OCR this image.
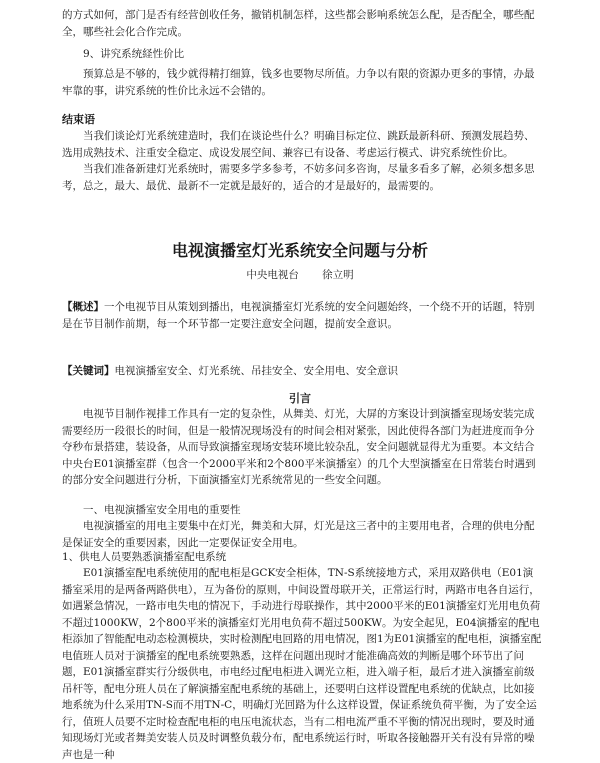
的方式如何，部门是否有经营创收任务，撤销机制怎样，这些都会影响系统怎么配，是否配全，哪些配全，哪些社会化合作完成。

9、讲究系统経性价比

预算总是不够的，钱少就得精打细算，钱多也要物尽所值。力争以有限的资源办更多的事情，办最牢靠的事，讲究系统的性价比永远不会错的。

结束语

当我们谈论灯光系统建造时，我们在谈论些什么？明确目标定位、跳跃最新科研、预测发展趋势、选用成熟技术、注重安全稳定、成设发展空间、兼容已有设备、考虑运行模式、讲究系统性价比。

当我们准备新建灯光系统时，需要多学多参考，不妨多问多咨询，尽量多看多了解，必须多想多思考，总之，最大、最优、最新不一定就是最好的，适合的才是最好的，最需要的。

电视演播室灯光系统安全问题与分析
中央电视台 徐立明

【概述】一个电视节目从策划到播出，电视演播室灯光系统的安全问题始终，一个绕不开的话题，特别是在节目制作前期，每一个环节都一定要注意安全问题，提前安全意识。

【关键词】电视演播室安全、灯光系统、吊挂安全、安全用电、安全意识

引言

电视节目制作视排工作具有一定的复杂性，从舞美、灯光，大屏的方案设计到演播室现场安装完成需要经历一段很长的时间，但是一般情况现场没有的时间会相对紧张，因此使得各部门为赶进度而争分夺秒布景搭建，装设备，从而导致演播室现场安装环境比较杂乱，安全问题就显得尤为重要。本文结合中央台E01演播室群（包含一个2000平米和2个800平米演播室）的几个大型演播室在日常装台时遇到的部分安全问题进行分析，下面演播室灯光系统常见的一些安全问题。

一、电视演播室安全用电的重要性

电视演播室的用电主要集中在灯光，舞美和大屏，灯光是这三者中的主要用电者，合理的供电分配是保证安全的重要因素，因此一定要保证安全用电。

1、供电人员要熟悉演播室配电系统

E01演播室配电系统使用的配电柜是GCK安全柜体，TN-S系统接地方式，采用双路供电（E01演播室采用的是两备两路供电），互为备份的原则，中间设置母联开关，正常运行时，两路市电各自运行，如遇紧急情况，一路市电失电的情况下，手动进行母联操作，其中2000平米的E01演播室灯光用电负荷不超过1000KW，2个800平米的演播室灯光用电负荷不超过500KW。为安全起见，E04演播室的配电柜添加了智能配电动态检测模块，实时检测配电回路的用电情况，图1为E01演播室的配电柜，演播室配电值班人员对于演播室的配电系统要熟悉，这样在问题出现时才能准确高效的判断是哪个环节出了问题，E01演播室群实行分级供电，市电经过配电柜进入调光立柜，进入端子柜，最后才进入演播室前级吊杆等，配电分班人员在了解演播室配电系统的基础上，还要明白这样设置配电系统的优缺点，比如接地系统为什么采用TN-S而不用TN-C，明确灯光回路为什么这样设置，保证系统负荷平衡，为了安全运行，值班人员要不定时检查配电柜的电压电流状态，当有二相电流严重不平衡的情况出现时，要及时通知现场灯光或者舞美安装人员及时调整负载分布，配电系统运行时，听取各接触器开关有没有异常的噪声也是一种
